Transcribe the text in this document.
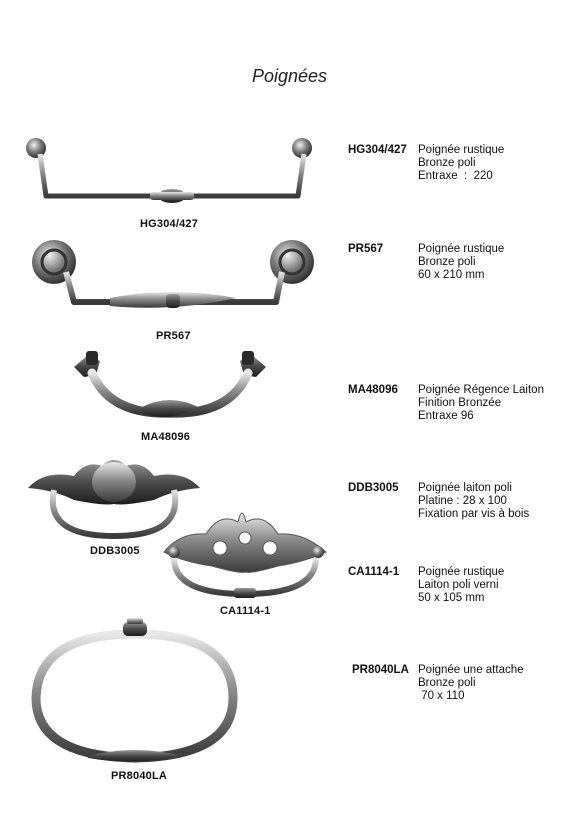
Poignées
HG304/427
PR567
MA48096
DDB3005
CA1114-1
PR8040LA
HG304/427 Poignée rustique
Bronze poli
Entraxe  :  220
PR567	Poignée rustique
Bronze poli
60 x 210 mm
MA48096 Poignée Régence Laiton
Finition Bronzée
Entraxe 96
DDB3005 Poignée laiton poli
Platine : 28 x 100
Fixation par vis à bois
CA1114-1 Poignée rustique
Laiton poli verni
50 x 105 mm
PR8040LA Poignée une attache
Bronze poli
70 x 110
